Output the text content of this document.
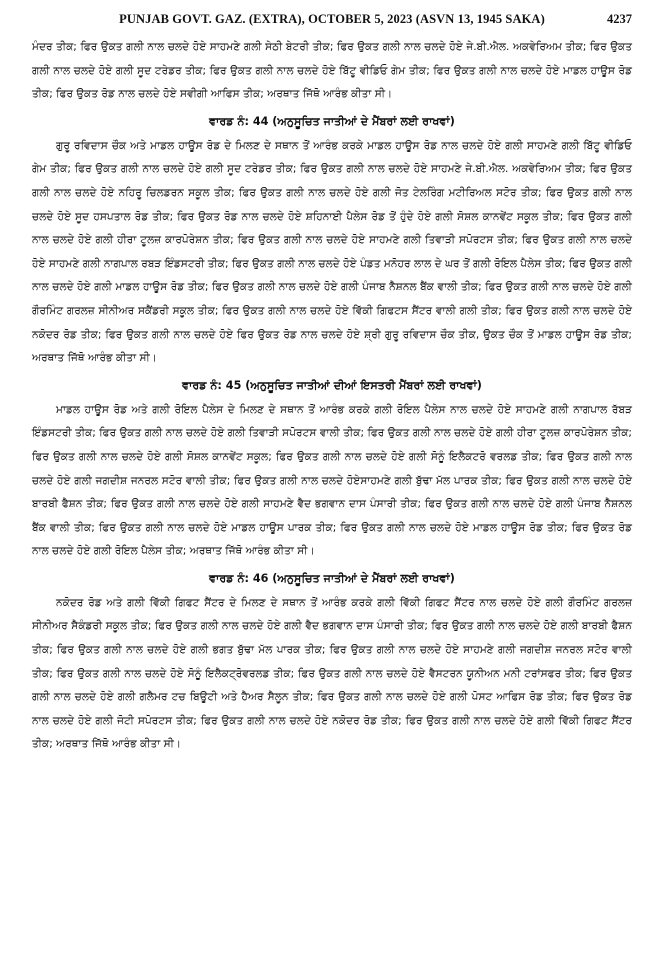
PUNJAB GOVT. GAZ. (EXTRA), OCTOBER 5, 2023 (ASVN 13, 1945 SAKA)	4237

ਮੰਦਰ ਤੀਕ; ਫਿਰ ਉਕਤ ਗਲੀ ਨਾਲ ਚਲਦੇ ਹੋਏ ਸਾਹਮਣੇ ਗਲੀ ਸੇਠੀ ਬੇਟਰੀ ਤੀਕ; ਫਿਰ ਉਕਤ ਗਲੀ ਨਾਲ ਚਲਦੇ ਹੋਏ ਜੇ.ਬੀ.ਐਲ. ਅਕਵੇਰਿਅਮ ਤੀਕ; ਫਿਰ ਉਕਤ ਗਲੀ ਨਾਲ ਚਲਦੇ ਹੋਏ ਗਲੀ ਸੂਦ ਟਰੇਡਰ ਤੀਕ; ਫਿਰ ਉਕਤ ਗਲੀ ਨਾਲ ਚਲਦੇ ਹੋਏ ਬਿੱਟੂ ਵੀਡਿਓ ਗੇਮ ਤੀਕ; ਫਿਰ ਉਕਤ ਗਲੀ ਨਾਲ ਚਲਦੇ ਹੋਏ ਮਾਡਲ ਹਾਊਸ ਰੋਡ ਤੀਕ; ਫਿਰ ਉਕਤ ਰੋਡ ਨਾਲ ਚਲਦੇ ਹੋਏ ਸਵੀਗੀ ਆਫਿਸ ਤੀਕ; ਅਰਥਾਤ ਜਿੱਥੋ ਆਰੰਭ ਕੀਤਾ ਸੀ।

ਵਾਰਡ ਨੰ: 44 (ਅਨੁਸੂਚਿਤ ਜਾਤੀਆਂ ਦੇ ਮੈਂਬਰਾਂ ਲਈ ਰਾਖਵਾਂ)

ਗੁਰੂ ਰਵਿਦਾਸ ਚੌਕ ਅਤੇ ਮਾਡਲ ਹਾਊਸ ਰੋਡ ਦੇ ਮਿਲਣ ਦੇ ਸਥਾਨ ਤੋਂ ਆਰੰਭ ਕਰਕੇ ਮਾਡਲ ਹਾਊਸ ਰੋਡ ਨਾਲ ਚਲਦੇ ਹੋਏ ਗਲੀ ਸਾਹਮਣੇ ਗਲੀ ਬਿੱਟੂ ਵੀਡਿਓ ਗੇਮ ਤੀਕ; ਫਿਰ ਉਕਤ ਗਲੀ ਨਾਲ ਚਲਦੇ ਹੋਏ ਗਲੀ ਸੂਦ ਟਰੇਡਰ ਤੀਕ; ਫਿਰ ਉਕਤ ਗਲੀ ਨਾਲ ਚਲਦੇ ਹੋਏ ਸਾਹਮਣੇ ਜੇ.ਬੀ.ਐਲ. ਅਕਵੇਰਿਅਮ ਤੀਕ; ਫਿਰ ਉਕਤ ਗਲੀ ਨਾਲ ਚਲਦੇ ਹੋਏ ਨਹਿਰੂ ਚਿਲਡਰਨ ਸਕੂਲ ਤੀਕ; ਫਿਰ ਉਕਤ ਗਲੀ ਨਾਲ ਚਲਦੇ ਹੋਏ ਗਲੀ ਜੋਤ ਟੇਲਰਿੰਗ ਮਟੀਰਿਅਲ ਸਟੋਰ ਤੀਕ; ਫਿਰ ਉਕਤ ਗਲੀ ਨਾਲ ਚਲਦੇ ਹੋਏ ਸੂਦ ਹਸਪਤਾਲ ਰੋਡ ਤੀਕ; ਫਿਰ ਉਕਤ ਰੋਡ ਨਾਲ ਚਲਦੇ ਹੋਏ ਸ਼ਹਿਨਾਈ ਪੈਲੇਸ ਰੋਡ ਤੋਂ ਹੁੰਦੇ ਹੋਏ ਗਲੀ ਸੋਸ਼ਲ ਕਾਨਵੇਂਟ ਸਕੂਲ ਤੀਕ; ਫਿਰ ਉਕਤ ਗਲੀ ਨਾਲ ਚਲਦੇ ਹੋਏ ਗਲੀ ਹੀਰਾ ਟੂਲਜ਼ ਕਾਰਪੋਰੇਸ਼ਨ ਤੀਕ; ਫਿਰ ਉਕਤ ਗਲੀ ਨਾਲ ਚਲਦੇ ਹੋਏ ਸਾਹਮਣੇ ਗਲੀ ਤਿਵਾੜੀ ਸਪੋਰਟਸ ਤੀਕ; ਫਿਰ ਉਕਤ ਗਲੀ ਨਾਲ ਚਲਦੇ ਹੋਏ ਸਾਹਮਣੇ ਗਲੀ ਨਾਗਪਾਲ ਰਬੜ ਇੰਡਸਟਰੀ ਤੀਕ; ਫਿਰ ਉਕਤ ਗਲੀ ਨਾਲ ਚਲਦੇ ਹੋਏ ਪੰਡਤ ਮਨੋਹਰ ਲਾਲ ਦੇ ਘਰ ਤੋਂ ਗਲੀ ਰੋਇਲ ਪੈਲੇਸ ਤੀਕ; ਫਿਰ ਉਕਤ ਗਲੀ ਨਾਲ ਚਲਦੇ ਹੋਏ ਗਲੀ ਮਾਡਲ ਹਾਊਸ ਰੋਡ ਤੀਕ; ਫਿਰ ਉਕਤ ਗਲੀ ਨਾਲ ਚਲਦੇ ਹੋਏ ਗਲੀ ਪੰਜਾਬ ਨੈਸ਼ਨਲ ਬੈਂਕ ਵਾਲੀ ਤੀਕ; ਫਿਰ ਉਕਤ ਗਲੀ ਨਾਲ ਚਲਦੇ ਹੋਏ ਗਲੀ ਗੌਰਮਿੰਟ ਗਰਲਜ਼ ਸੀਨੀਅਰ ਸਕੈਂਡਰੀ ਸਕੂਲ ਤੀਕ; ਫਿਰ ਉਕਤ ਗਲੀ ਨਾਲ ਚਲਦੇ ਹੋਏ ਵਿੱਕੀ ਗਿਫਟਸ ਸੈਂਟਰ ਵਾਲੀ ਗਲੀ ਤੀਕ; ਫਿਰ ਉਕਤ ਗਲੀ ਨਾਲ ਚਲਦੇ ਹੋਏ ਨਕੋਦਰ ਰੋਡ ਤੀਕ; ਫਿਰ ਉਕਤ ਗਲੀ ਨਾਲ ਚਲਦੇ ਹੋਏ ਫਿਰ ਉਕਤ ਰੋਡ ਨਾਲ ਚਲਦੇ ਹੋਏ ਸ਼੍ਰੀ ਗੁਰੂ ਰਵਿਦਾਸ ਚੌਕ ਤੀਕ, ਉਕਤ ਚੌਕ ਤੋਂ ਮਾਡਲ ਹਾਊਸ ਰੋਡ ਤੀਕ; ਅਰਥਾਤ ਜਿੱਥੋ ਆਰੰਭ ਕੀਤਾ ਸੀ।

ਵਾਰਡ ਨੰ: 45 (ਅਨੁਸੂਚਿਤ ਜਾਤੀਆਂ ਦੀਆਂ ਇਸਤਰੀ ਮੈਂਬਰਾਂ ਲਈ ਰਾਖਵਾਂ)

ਮਾਡਲ ਹਾਊਸ ਰੋਡ ਅਤੇ ਗਲੀ ਰੋਇਲ ਪੈਲੇਸ ਦੇ ਮਿਲਣ ਦੇ ਸਥਾਨ ਤੋਂ ਆਰੰਭ ਕਰਕੇ ਗਲੀ ਰੋਇਲ ਪੈਲੇਸ ਨਾਲ ਚਲਦੇ ਹੋਏ ਸਾਹਮਣੇ ਗਲੀ ਨਾਗਪਾਲ ਰੱਬੜ ਇੰਡਸਟਰੀ ਤੀਕ; ਫਿਰ ਉਕਤ ਗਲੀ ਨਾਲ ਚਲਦੇ ਹੋਏ ਗਲੀ ਤਿਵਾੜੀ ਸਪੋਰਟਸ ਵਾਲੀ ਤੀਕ; ਫਿਰ ਉਕਤ ਗਲੀ ਨਾਲ ਚਲਦੇ ਹੋਏ ਗਲੀ ਹੀਰਾ ਟੂਲਜ਼ ਕਾਰਪੋਰੇਸ਼ਨ ਤੀਕ; ਫਿਰ ਉਕਤ ਗਲੀ ਨਾਲ ਚਲਦੇ ਹੋਏ ਗਲੀ ਸੋਸ਼ਲ ਕਾਨਵੇਂਟ ਸਕੂਲ; ਫਿਰ ਉਕਤ ਗਲੀ ਨਾਲ ਚਲਦੇ ਹੋਏ ਗਲੀ ਸੋਨੂੰ ਇਲੈਕਟਰੋ ਵਰਲਡ ਤੀਕ; ਫਿਰ ਉਕਤ ਗਲੀ ਨਾਲ ਚਲਦੇ ਹੋਏ ਗਲੀ ਜਗਦੀਸ਼ ਜਨਰਲ ਸਟੋਰ ਵਾਲੀ ਤੀਕ; ਫਿਰ ਉਕਤ ਗਲੀ ਨਾਲ ਚਲਦੇ ਹੋਏਸਾਹਮਣੇ ਗਲੀ ਬੁੱਢਾ ਮੱਲ ਪਾਰਕ ਤੀਕ; ਫਿਰ ਉਕਤ ਗਲੀ ਨਾਲ ਚਲਦੇ ਹੋਏ ਬਾਰਬੀ ਫੈਸ਼ਨ ਤੀਕ; ਫਿਰ ਉਕਤ ਗਲੀ ਨਾਲ ਚਲਦੇ ਹੋਏ ਗਲੀ ਸਾਹਮਣੇ ਵੈਦ ਭਗਵਾਨ ਦਾਸ ਪੰਸਾਰੀ ਤੀਕ; ਫਿਰ ਉਕਤ ਗਲੀ ਨਾਲ ਚਲਦੇ ਹੋਏ ਗਲੀ ਪੰਜਾਬ ਨੈਸ਼ਨਲ ਬੈਂਕ ਵਾਲੀ ਤੀਕ; ਫਿਰ ਉਕਤ ਗਲੀ ਨਾਲ ਚਲਦੇ ਹੋਏ ਮਾਡਲ ਹਾਊਸ ਪਾਰਕ ਤੀਕ; ਫਿਰ ਉਕਤ ਗਲੀ ਨਾਲ ਚਲਦੇ ਹੋਏ ਮਾਡਲ ਹਾਊਸ ਰੋਡ ਤੀਕ; ਫਿਰ ਉਕਤ ਰੋਡ ਨਾਲ ਚਲਦੇ ਹੋਏ ਗਲੀ ਰੋਇਲ ਪੈਲੇਸ ਤੀਕ; ਅਰਥਾਤ ਜਿੱਥੋ ਆਰੰਭ ਕੀਤਾ ਸੀ।

ਵਾਰਡ ਨੰ: 46 (ਅਨੁਸੂਚਿਤ ਜਾਤੀਆਂ ਦੇ ਮੈਂਬਰਾਂ ਲਈ ਰਾਖਵਾਂ)

ਨਕੋਦਰ ਰੋਡ ਅਤੇ ਗਲੀ ਵਿੱਕੀ ਗਿਫਟ ਸੈਂਟਰ ਦੇ ਮਿਲਣ ਦੇ ਸਥਾਨ ਤੋਂ ਆਰੰਭ ਕਰਕੇ ਗਲੀ ਵਿੱਕੀ ਗਿਫਟ ਸੈਂਟਰ ਨਾਲ ਚਲਦੇ ਹੋਏ ਗਲੀ ਗੌਰਮਿੰਟ ਗਰਲਜ਼ ਸੀਨੀਅਰ ਸੈਕੰਡਰੀ ਸਕੂਲ ਤੀਕ; ਫਿਰ ਉਕਤ ਗਲੀ ਨਾਲ ਚਲਦੇ ਹੋਏ ਗਲੀ ਵੈਦ ਭਗਵਾਨ ਦਾਸ ਪੰਸਾਰੀ ਤੀਕ; ਫਿਰ ਉਕਤ ਗਲੀ ਨਾਲ ਚਲਦੇ ਹੋਏ ਗਲੀ ਬਾਰਬੀ ਫੈਸ਼ਨ ਤੀਕ; ਫਿਰ ਉਕਤ ਗਲੀ ਨਾਲ ਚਲਦੇ ਹੋਏ ਗਲੀ ਭਗਤ ਬੁੱਢਾ ਮੱਲ ਪਾਰਕ ਤੀਕ; ਫਿਰ ਉਕਤ ਗਲੀ ਨਾਲ ਚਲਦੇ ਹੋਏ ਸਾਹਮਣੇ ਗਲੀ ਜਗਦੀਸ਼ ਜਨਰਲ ਸਟੋਰ ਵਾਲੀ ਤੀਕ; ਫਿਰ ਉਕਤ ਗਲੀ ਨਾਲ ਚਲਦੇ ਹੋਏ ਸੋਨੂੰ ਇਲੈਕਟ੍ਰੋਵਰਲਡ ਤੀਕ; ਫਿਰ ਉਕਤ ਗਲੀ ਨਾਲ ਚਲਦੇ ਹੋਏ ਵੈਸਟਰਨ ਯੂਨੀਅਨ ਮਨੀ ਟਰਾਂਸਫਰ ਤੀਕ; ਫਿਰ ਉਕਤ ਗਲੀ ਨਾਲ ਚਲਦੇ ਹੋਏ ਗਲੀ ਗਲੈਮਰ ਟਚ ਬਿਊਟੀ ਅਤੇ ਹੈਅਰ ਸੈਲੂਨ ਤੀਕ; ਫਿਰ ਉਕਤ ਗਲੀ ਨਾਲ ਚਲਦੇ ਹੋਏ ਗਲੀ ਪੋਸਟ ਆਫਿਸ ਰੋਡ ਤੀਕ; ਫਿਰ ਉਕਤ ਰੋਡ ਨਾਲ ਚਲਦੇ ਹੋਏ ਗਲੀ ਜੋਟੀ ਸਪੋਰਟਸ ਤੀਕ; ਫਿਰ ਉਕਤ ਗਲੀ ਨਾਲ ਚਲਦੇ ਹੋਏ ਨਕੋਦਰ ਰੋਡ ਤੀਕ; ਫਿਰ ਉਕਤ ਗਲੀ ਨਾਲ ਚਲਦੇ ਹੋਏ ਗਲੀ ਵਿੱਕੀ ਗਿਫਟ ਸੈਂਟਰ ਤੀਕ; ਅਰਥਾਤ ਜਿੱਥੋ ਆਰੰਭ ਕੀਤਾ ਸੀ।
